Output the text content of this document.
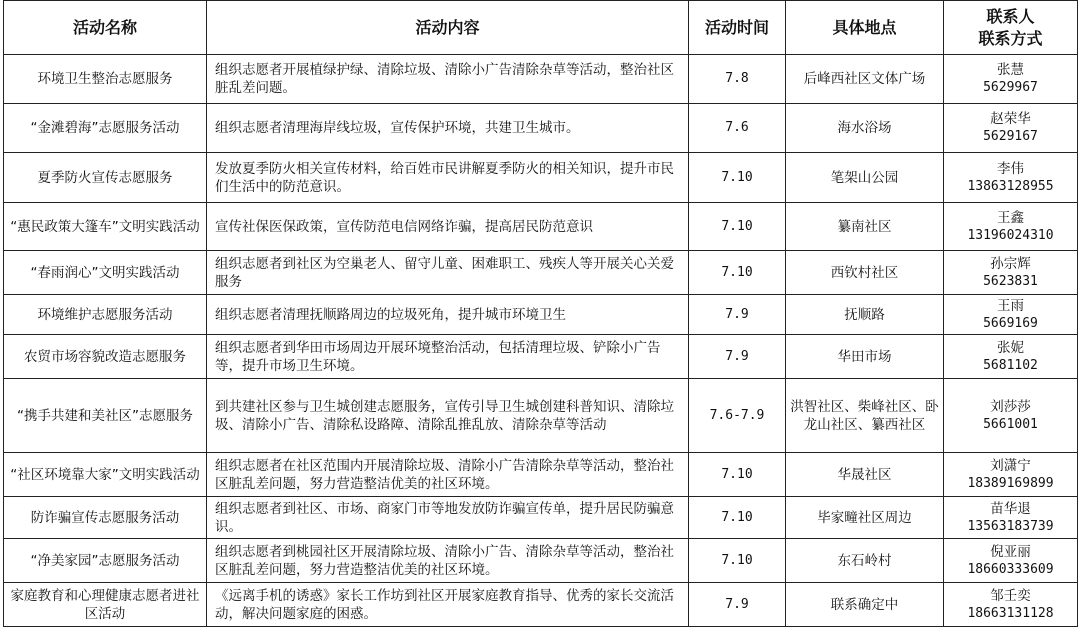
活动名称	活动内容	活动时间	具体地点	联系人
联系方式

环境卫生整治志愿服务	组织志愿者开展植绿护绿、清除垃圾、清除小广告清除杂草等活动，整治社区脏乱差问题。	7.8	后峰西社区文体广场	张慧
5629967

“金滩碧海”志愿服务活动	组织志愿者清理海岸线垃圾，宣传保护环境，共建卫生城市。	7.6	海水浴场	赵荣华
5629167

夏季防火宣传志愿服务	发放夏季防火相关宣传材料，给百姓市民讲解夏季防火的相关知识，提升市民们生活中的防范意识。	7.10	笔架山公园	李伟
13863128955

“惠民政策大篷车”文明实践活动	宣传社保医保政策，宣传防范电信网络诈骗，提高居民防范意识	7.10	纂南社区	王鑫
13196024310

“春雨润心”文明实践活动	组织志愿者到社区为空巢老人、留守儿童、困难职工、残疾人等开展关心关爱服务	7.10	西钦村社区	孙宗辉
5623831

环境维护志愿服务活动	组织志愿者清理抚顺路周边的垃圾死角，提升城市环境卫生	7.9	抚顺路	王雨
5669169

农贸市场容貌改造志愿服务	组织志愿者到华田市场周边开展环境整治活动，包括清理垃圾、铲除小广告等，提升市场卫生环境。	7.9	华田市场	张妮
5681102

“携手共建和美社区”志愿服务	到共建社区参与卫生城创建志愿服务，宣传引导卫生城创建科普知识、清除垃圾、清除小广告、清除私设路障、清除乱推乱放、清除杂草等活动	7.6-7.9	洪智社区、柴峰社区、卧龙山社区、纂西社区	刘莎莎
5661001

“社区环境靠大家”文明实践活动	组织志愿者在社区范围内开展清除垃圾、清除小广告清除杂草等活动，整治社区脏乱差问题，努力营造整洁优美的社区环境。	7.10	华晟社区	刘潇宁
18389169899

防诈骗宣传志愿服务活动	组织志愿者到社区、市场、商家门市等地发放防诈骗宣传单，提升居民防骗意识。	7.10	毕家疃社区周边	苗华退
13563183739

“净美家园”志愿服务活动	组织志愿者到桃园社区开展清除垃圾、清除小广告、清除杂草等活动，整治社区脏乱差问题，努力营造整洁优美的社区环境。	7.10	东石岭村	倪亚丽
18660333609

家庭教育和心理健康志愿者进社区活动	《远离手机的诱惑》家长工作坊到社区开展家庭教育指导、优秀的家长交流活动，解决问题家庭的困惑。	7.9	联系确定中	邹壬奕
18663131128
